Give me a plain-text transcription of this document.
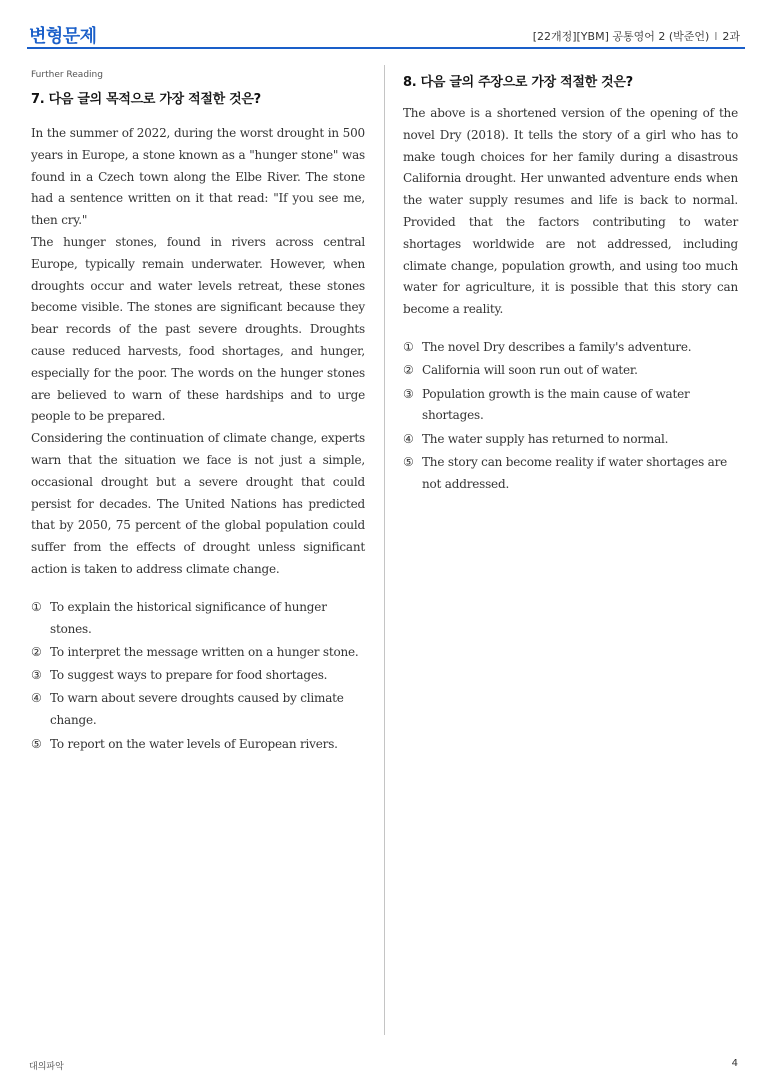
변형문제	[22개정][YBM] 공통영어 2 (박준언) l 2과
Further Reading
7. 다음 글의 목적으로 가장 적절한 것은?

In the summer of 2022, during the worst drought in 500 years in Europe, a stone known as a "hunger stone" was found in a Czech town along the Elbe River. The stone had a sentence written on it that read: "If you see me, then cry."

The hunger stones, found in rivers across central Europe, typically remain underwater. However, when droughts occur and water levels retreat, these stones become visible. The stones are significant because they bear records of the past severe droughts. Droughts cause reduced harvests, food shortages, and hunger, especially for the poor. The words on the hunger stones are believed to warn of these hardships and to urge people to be prepared.

Considering the continuation of climate change, experts warn that the situation we face is not just a simple, occasional drought but a severe drought that could persist for decades. The United Nations has predicted that by 2050, 75 percent of the global population could suffer from the effects of drought unless significant action is taken to address climate change.

① To explain the historical significance of hunger stones.
② To interpret the message written on a hunger stone.
③ To suggest ways to prepare for food shortages.
④ To warn about severe droughts caused by climate change.
⑤ To report on the water levels of European rivers.
8. 다음 글의 주장으로 가장 적절한 것은?

The above is a shortened version of the opening of the novel Dry (2018). It tells the story of a girl who has to make tough choices for her family during a disastrous California drought. Her unwanted adventure ends when the water supply resumes and life is back to normal. Provided that the factors contributing to water shortages worldwide are not addressed, including climate change, population growth, and using too much water for agriculture, it is possible that this story can become a reality.

① The novel Dry describes a family's adventure.
② California will soon run out of water.
③ Population growth is the main cause of water shortages.
④ The water supply has returned to normal.
⑤ The story can become reality if water shortages are not addressed.
대의파악	4
